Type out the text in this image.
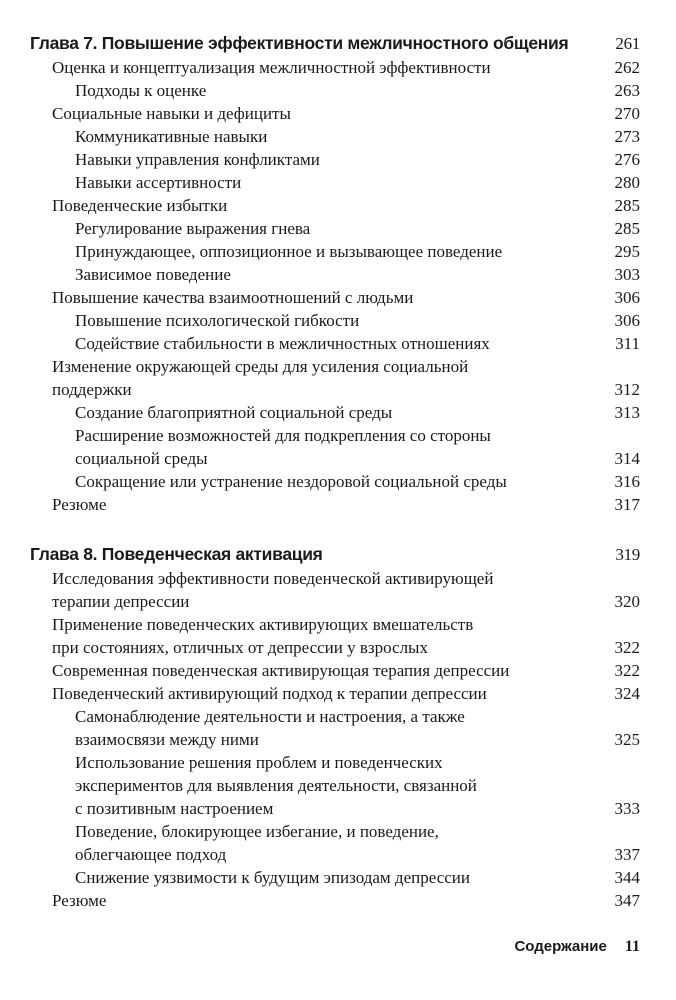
Глава 7. Повышение эффективности межличностного общения	261
Оценка и концептуализация межличностной эффективности	262
Подходы к оценке	263
Социальные навыки и дефициты	270
Коммуникативные навыки	273
Навыки управления конфликтами	276
Навыки ассертивности	280
Поведенческие избытки	285
Регулирование выражения гнева	285
Принуждающее, оппозиционное и вызывающее поведение	295
Зависимое поведение	303
Повышение качества взаимоотношений с людьми	306
Повышение психологической гибкости	306
Содействие стабильности в межличностных отношениях	311
Изменение окружающей среды для усиления социальной
поддержки	312
Создание благоприятной социальной среды	313
Расширение возможностей для подкрепления со стороны
социальной среды	314
Сокращение или устранение нездоровой социальной среды	316
Резюме	317
Глава 8. Поведенческая активация	319
Исследования эффективности поведенческой активирующей
терапии депрессии	320
Применение поведенческих активирующих вмешательств
при состояниях, отличных от депрессии у взрослых	322
Современная поведенческая активирующая терапия депрессии	322
Поведенческий активирующий подход к терапии депрессии	324
Самонаблюдение деятельности и настроения, а также
взаимосвязи между ними	325
Использование решения проблем и поведенческих
экспериментов для выявления деятельности, связанной
с позитивным настроением	333
Поведение, блокирующее избегание, и поведение,
облегчающее подход	337
Снижение уязвимости к будущим эпизодам депрессии	344
Резюме	347
Содержание 11
